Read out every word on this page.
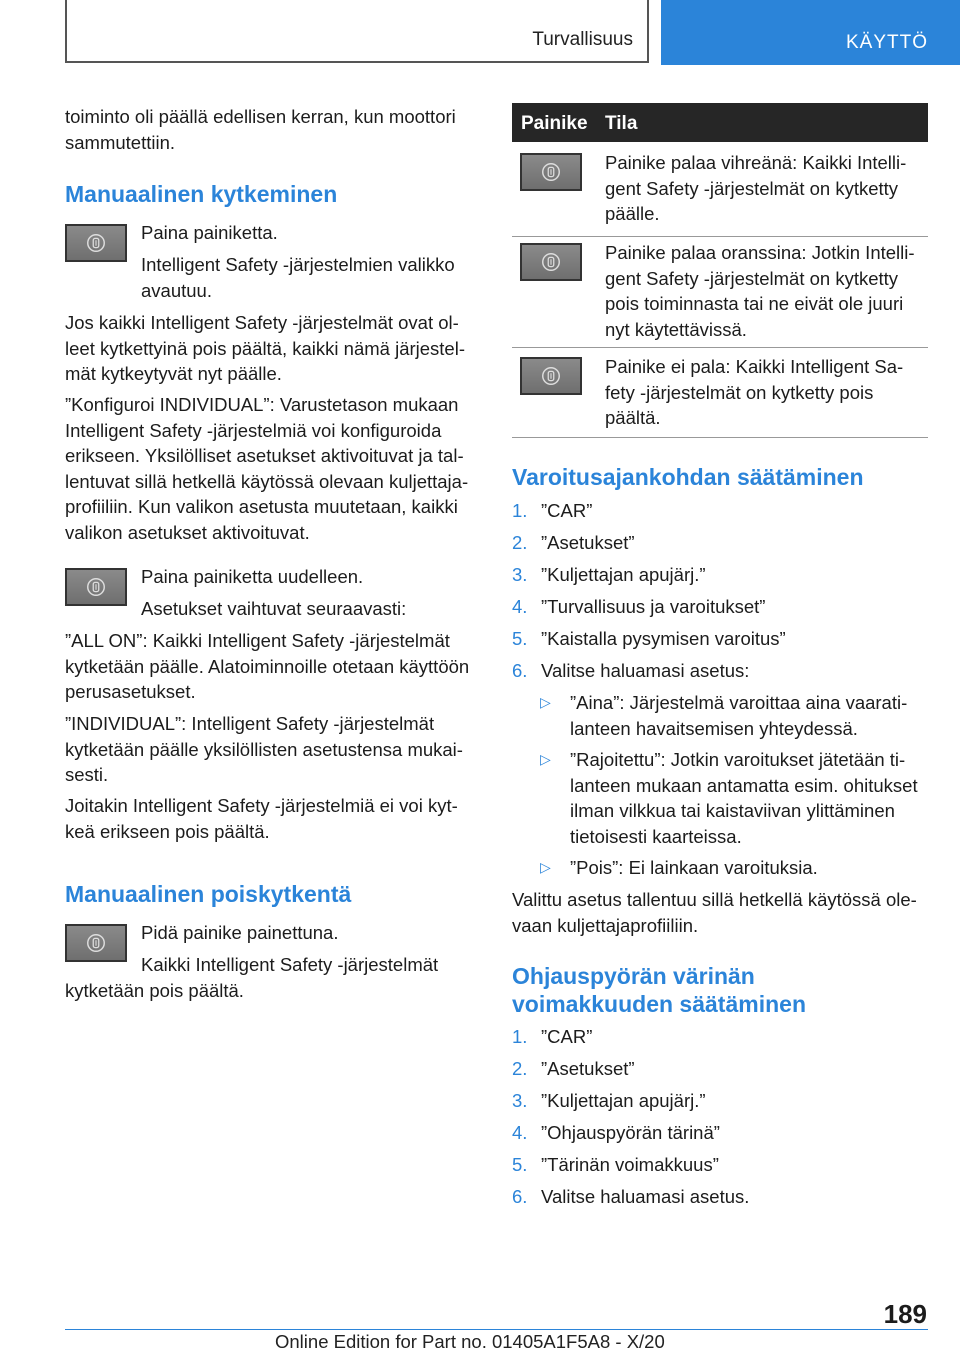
Turvallisuus	KÄYTTÖ

toiminto oli päällä edellisen kerran, kun moottori sammutettiin.

Manuaalinen kytkeminen

Paina painiketta.

Intelligent Safety -järjestelmien valikko avautuu.

Jos kaikki Intelligent Safety -järjestelmät ovat ol‐leet kytkettyinä pois päältä, kaikki nämä järjestel‐mät kytkeytyvät nyt päälle.

”Konfiguroi INDIVIDUAL”: Varustetason mukaan Intelligent Safety -järjestelmiä voi konfiguroida erikseen. Yksilölliset asetukset aktivoituvat ja tal‐lentuvat sillä hetkellä käytössä olevaan kuljettaja‐profiiliin. Kun valikon asetusta muutetaan, kaikki valikon asetukset aktivoituvat.

Paina painiketta uudelleen.

Asetukset vaihtuvat seuraavasti:

”ALL ON”: Kaikki Intelligent Safety -järjestelmät kytketään päälle. Alatoiminnoille otetaan käyttöön perusasetukset.

”INDIVIDUAL”: Intelligent Safety -järjestelmät kytketään päälle yksilöllisten asetustensa mukai‐sesti.

Joitakin Intelligent Safety -järjestelmiä ei voi kyt‐keä erikseen pois päältä.

Manuaalinen poiskytkentä

Pidä painike painettuna.

Kaikki Intelligent Safety -järjestelmät kytketään pois päältä.

Painike Tila

Painike palaa vihreänä: Kaikki Intelli‐gent Safety -järjestelmät on kytketty päälle.

Painike palaa oranssina: Jotkin Intelli‐gent Safety -järjestelmät on kytketty pois toiminnasta tai ne eivät ole juuri nyt käytettävissä.

Painike ei pala: Kaikki Intelligent Sa‐fety -järjestelmät on kytketty pois päältä.

Varoitusajankohdan säätäminen
1. ”CAR”
2. ”Asetukset”
3. ”Kuljettajan apujärj.”
4. ”Turvallisuus ja varoitukset”
5. ”Kaistalla pysymisen varoitus”
6. Valitse haluamasi asetus:
▷ ”Aina”: Järjestelmä varoittaa aina vaarati‐lanteen havaitsemisen yhteydessä.
▷ ”Rajoitettu”: Jotkin varoitukset jätetään ti‐lanteen mukaan antamatta esim. ohitukset ilman vilkkua tai kaistaviivan ylittäminen tietoisesti kaarteissa.
▷ ”Pois”: Ei lainkaan varoituksia.

Valittu asetus tallentuu sillä hetkellä käytössä ole‐vaan kuljettajaprofiiliin.

Ohjauspyörän värinän
voimakkuuden säätäminen
1. ”CAR”
2. ”Asetukset”
3. ”Kuljettajan apujärj.”
4. ”Ohjauspyörän tärinä”
5. ”Tärinän voimakkuus”
6. Valitse haluamasi asetus.
189
Online Edition for Part no. 01405A1F5A8 - X/20
